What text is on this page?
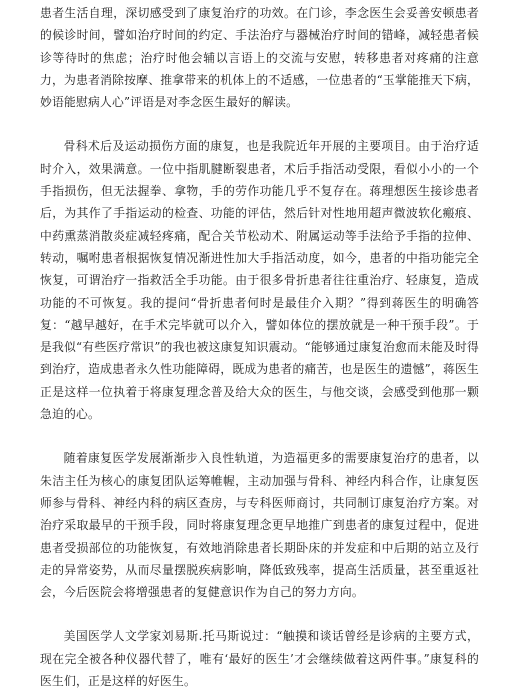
患者生活自理，深切感受到了康复治疗的功效。在门诊，李念医生会妥善安顿患者的候诊时间，譬如治疗时间的约定、手法治疗与器械治疗时间的错峰，减轻患者候诊等待时的焦虑；治疗时他会辅以言语上的交流与安慰，转移患者对疼痛的注意力，为患者消除按摩、推拿带来的机体上的不适感，一位患者的“玉掌能推天下病，妙语能慰病人心”评语是对李念医生最好的解读。

骨科术后及运动损伤方面的康复，也是我院近年开展的主要项目。由于治疗适时介入，效果满意。一位中指肌腱断裂患者，术后手指活动受限，看似小小的一个手指损伤，但无法握拳、拿物，手的劳作功能几乎不复存在。蒋理想医生接诊患者后，为其作了手指运动的检查、功能的评估，然后针对性地用超声微波软化瘢痕、中药熏蒸消散炎症减轻疼痛，配合关节松动术、附属运动等手法给予手指的拉伸、转动，嘱咐患者根据恢复情况渐进性加大手指活动度，如今，患者的中指功能完全恢复，可谓治疗一指救活全手功能。由于很多骨折患者往往重治疗、轻康复，造成功能的不可恢复。我的提问“骨折患者何时是最佳介入期？”得到蒋医生的明确答复：“越早越好，在手术完毕就可以介入，譬如体位的摆放就是一种干预手段”。于是我似“有些医疗常识”的我也被这康复知识震动。“能够通过康复治愈而未能及时得到治疗，造成患者永久性功能障碍，既成为患者的痛苦，也是医生的遗憾”，蒋医生正是这样一位执着于将康复理念普及给大众的医生，与他交谈，会感受到他那一颗急迫的心。

随着康复医学发展渐渐步入良性轨道，为造福更多的需要康复治疗的患者，以朱洁主任为核心的康复团队运筹帷幄，主动加强与骨科、神经内科合作，让康复医师参与骨科、神经内科的病区查房，与专科医师商讨，共同制订康复治疗方案。对治疗采取最早的干预手段，同时将康复理念更早地推广到患者的康复过程中，促进患者受损部位的功能恢复，有效地消除患者长期卧床的并发症和中后期的站立及行走的异常姿势，从而尽量摆脱疾病影响，降低致残率，提高生活质量，甚至重返社会，今后医院会将增强患者的复健意识作为自己的努力方向。

美国医学人文学家刘易斯.托马斯说过：“触摸和谈话曾经是诊病的主要方式，现在完全被各种仪器代替了，唯有‘最好的医生’才会继续做着这两件事。”康复科的医生们，正是这样的好医生。
